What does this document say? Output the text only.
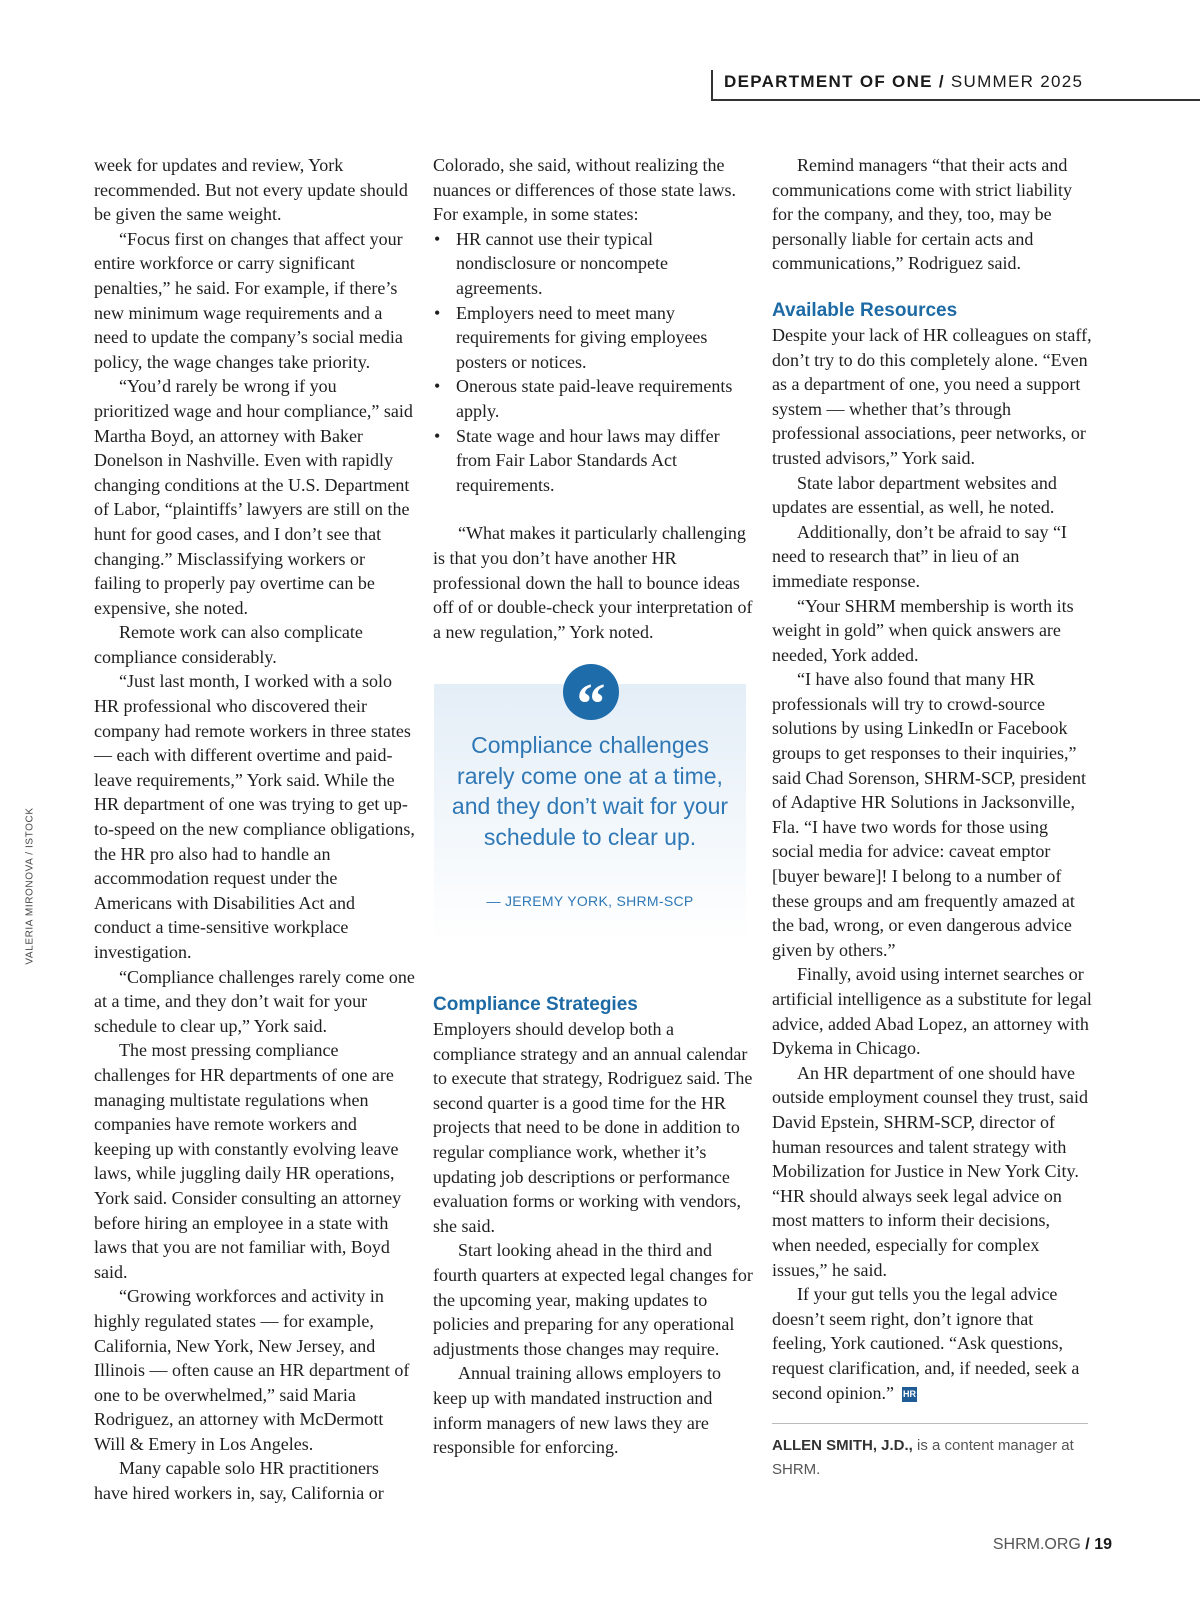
DEPARTMENT OF ONE / SUMMER 2025
VALERIA MIRONOVA / ISTOCK

week for updates and review, York recommended. But not every update should be given the same weight.

“Focus first on changes that affect your entire workforce or carry significant penalties,” he said. For example, if there’s new minimum wage requirements and a need to update the company’s social media policy, the wage changes take priority.

“You’d rarely be wrong if you prioritized wage and hour compliance,” said Martha Boyd, an attorney with Baker Donelson in Nashville. Even with rapidly changing conditions at the U.S. Department of Labor, “plaintiffs’ lawyers are still on the hunt for good cases, and I don’t see that changing.” Misclassifying workers or failing to properly pay overtime can be expensive, she noted.

Remote work can also complicate compliance considerably.

“Just last month, I worked with a solo HR professional who discovered their company had remote workers in three states — each with different overtime and paid-leave requirements,” York said. While the HR department of one was trying to get up-to-speed on the new compliance obligations, the HR pro also had to handle an accommodation request under the Americans with Disabilities Act and conduct a time-sensitive workplace investigation.

“Compliance challenges rarely come one at a time, and they don’t wait for your schedule to clear up,” York said.

The most pressing compliance challenges for HR departments of one are managing multistate regulations when companies have remote workers and keeping up with constantly evolving leave laws, while juggling daily HR operations, York said. Consider consulting an attorney before hiring an employee in a state with laws that you are not familiar with, Boyd said.

“Growing workforces and activity in highly regulated states — for example, California, New York, New Jersey, and Illinois — often cause an HR department of one to be overwhelmed,” said Maria Rodriguez, an attorney with McDermott Will & Emery in Los Angeles.

Many capable solo HR practitioners have hired workers in, say, California or

Colorado, she said, without realizing the nuances or differences of those state laws. For example, in some states:

• HR cannot use their typical nondisclosure or noncompete agreements.
• Employers need to meet many requirements for giving employees posters or notices.
• Onerous state paid-leave requirements apply.
• State wage and hour laws may differ from Fair Labor Standards Act requirements.

“What makes it particularly challenging is that you don’t have another HR professional down the hall to bounce ideas off of or double-check your interpretation of a new regulation,” York noted.

Compliance Strategies

Employers should develop both a compliance strategy and an annual calendar to execute that strategy, Rodriguez said. The second quarter is a good time for the HR projects that need to be done in addition to regular compliance work, whether it’s updating job descriptions or performance evaluation forms or working with vendors, she said.

Start looking ahead in the third and fourth quarters at expected legal changes for the upcoming year, making updates to policies and preparing for any operational adjustments those changes may require.

Annual training allows employers to keep up with mandated instruction and inform managers of new laws they are responsible for enforcing.

“
Compliance challenges rarely come one at a time, and they don’t wait for your schedule to clear up.
— JEREMY YORK, SHRM-SCP

Remind managers “that their acts and communications come with strict liability for the company, and they, too, may be personally liable for certain acts and communications,” Rodriguez said.

Available Resources

Despite your lack of HR colleagues on staff, don’t try to do this completely alone. “Even as a department of one, you need a support system — whether that’s through professional associations, peer networks, or trusted advisors,” York said.

State labor department websites and updates are essential, as well, he noted.

Additionally, don’t be afraid to say “I need to research that” in lieu of an immediate response.

“Your SHRM membership is worth its weight in gold” when quick answers are needed, York added.

“I have also found that many HR professionals will try to crowd-source solutions by using LinkedIn or Facebook groups to get responses to their inquiries,” said Chad Sorenson, SHRM-SCP, president of Adaptive HR Solutions in Jacksonville, Fla. “I have two words for those using social media for advice: caveat emptor [buyer beware]! I belong to a number of these groups and am frequently amazed at the bad, wrong, or even dangerous advice given by others.”

Finally, avoid using internet searches or artificial intelligence as a substitute for legal advice, added Abad Lopez, an attorney with Dykema in Chicago.

An HR department of one should have outside employment counsel they trust, said David Epstein, SHRM-SCP, director of human resources and talent strategy with Mobilization for Justice in New York City. “HR should always seek legal advice on most matters to inform their decisions, when needed, especially for complex issues,” he said.

If your gut tells you the legal advice doesn’t seem right, don’t ignore that feeling, York cautioned. “Ask questions, request clarification, and, if needed, seek a second opinion.” HR

ALLEN SMITH, J.D., is a content manager at SHRM.
SHRM.ORG / 19
